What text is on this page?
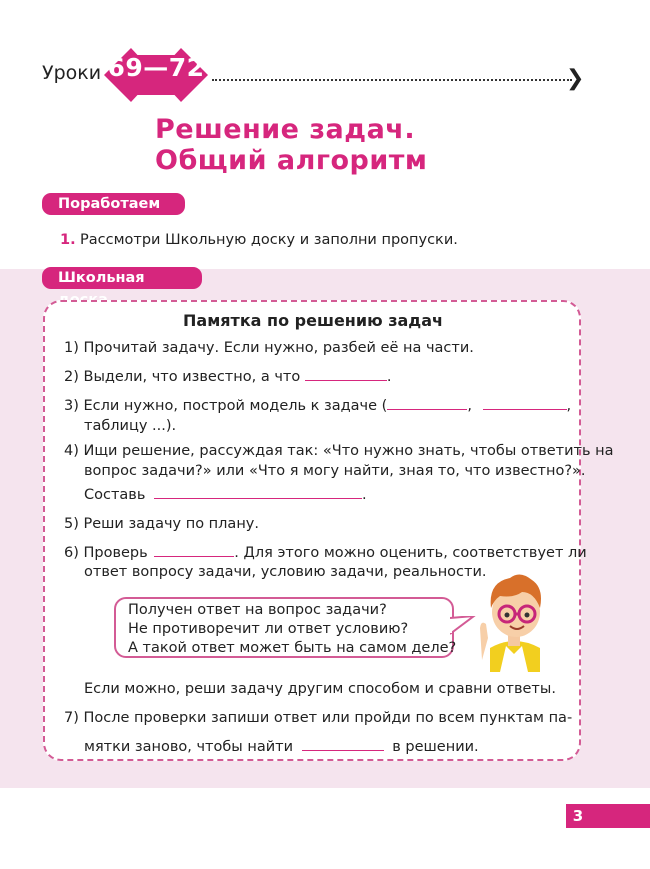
Уроки 69—72	❯
Решение задач.
Общий алгоритм
Поработаем
1. Рассмотри Школьную доску и заполни пропуски.
Школьная
Памятка по решению задач
1) Прочитай задачу. Если нужно, разбей её на части.
2) Выдели, что известно, а что	.
3) Если нужно, построй модель к задаче (	,	,
таблицу ...).
4) Ищи решение, рассуждая так: «Что нужно знать, чтобы ответить на
вопрос задачи?» или «Что я могу найти, зная то, что известно?».
Составь	.
5) Реши задачу по плану.
6) Проверь	. Для этого можно оценить, соответствует ли
ответ вопросу задачи, условию задачи, реальности.
Получен ответ на вопрос задачи?
Не противоречит ли ответ условию?
А такой ответ может быть на самом деле?
Если можно, реши задачу другим способом и сравни ответы.
7) После проверки запиши ответ или пройди по всем пунктам па-
мятки заново, чтобы найти	в решении.
3
